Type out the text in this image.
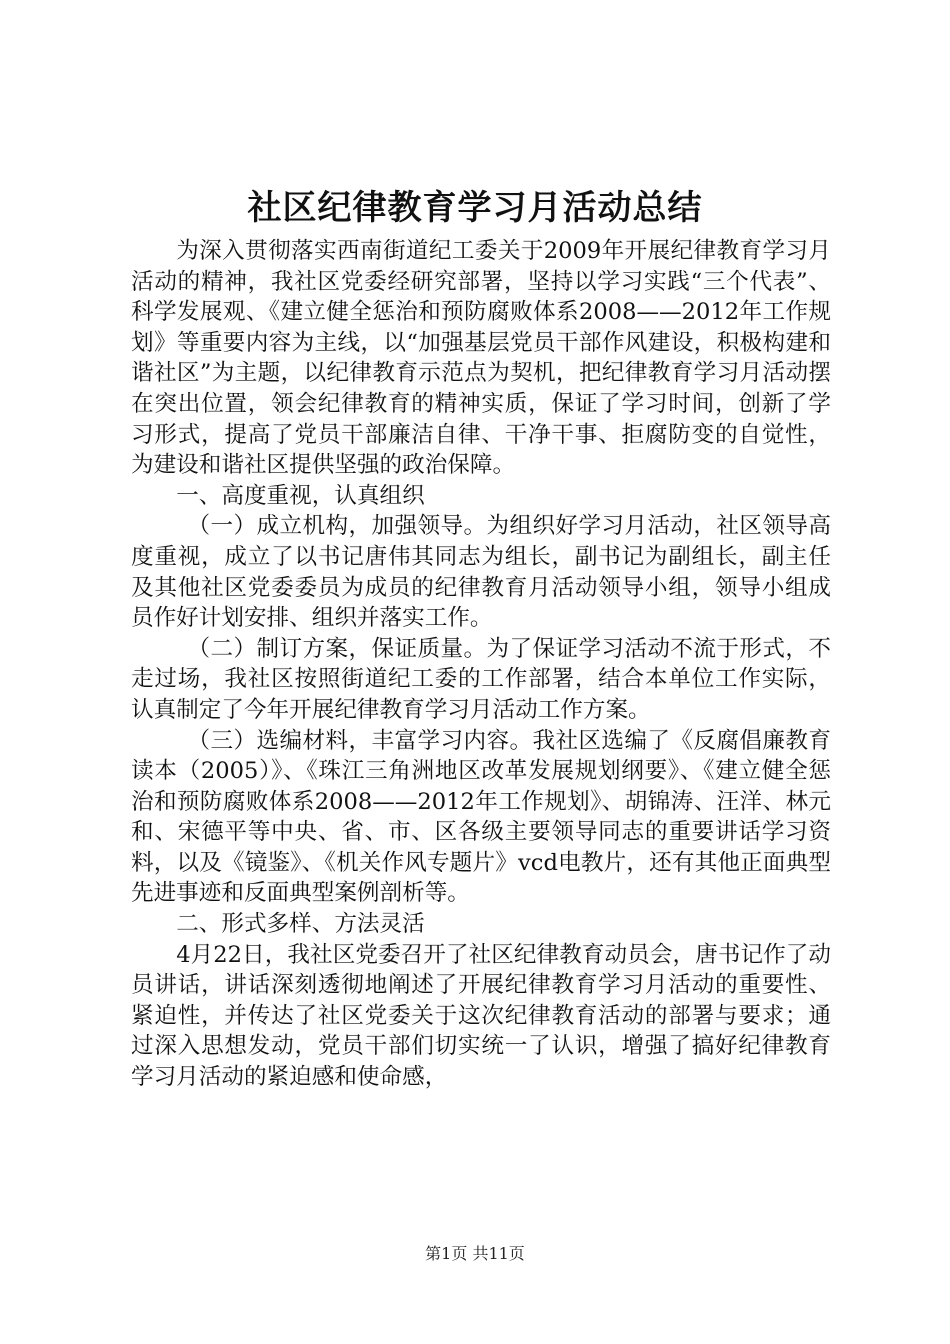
社区纪律教育学习月活动总结

为深入贯彻落实西南街道纪工委关于2009年开展纪律教育学习月活动的精神，我社区党委经研究部署，坚持以学习实践“三个代表”、科学发展观、《建立健全惩治和预防腐败体系2008——2012年工作规划》等重要内容为主线，以“加强基层党员干部作风建设，积极构建和谐社区”为主题，以纪律教育示范点为契机，把纪律教育学习月活动摆在突出位置，领会纪律教育的精神实质，保证了学习时间，创新了学习形式，提高了党员干部廉洁自律、干净干事、拒腐防变的自觉性，为建设和谐社区提供坚强的政治保障。

一、高度重视，认真组织

（一）成立机构，加强领导。为组织好学习月活动，社区领导高度重视，成立了以书记唐伟其同志为组长，副书记为副组长，副主任及其他社区党委委员为成员的纪律教育月活动领导小组，领导小组成员作好计划安排、组织并落实工作。

（二）制订方案，保证质量。为了保证学习活动不流于形式，不走过场，我社区按照街道纪工委的工作部署，结合本单位工作实际，认真制定了今年开展纪律教育学习月活动工作方案。

（三）选编材料，丰富学习内容。我社区选编了《反腐倡廉教育读本（2005）》、《珠江三角洲地区改革发展规划纲要》、《建立健全惩治和预防腐败体系2008——2012年工作规划》、胡锦涛、汪洋、林元和、宋德平等中央、省、市、区各级主要领导同志的重要讲话学习资料，以及《镜鉴》、《机关作风专题片》vcd电教片，还有其他正面典型先进事迹和反面典型案例剖析等。

二、形式多样、方法灵活

4月22日，我社区党委召开了社区纪律教育动员会，唐书记作了动员讲话，讲话深刻透彻地阐述了开展纪律教育学习月活动的重要性、紧迫性，并传达了社区党委关于这次纪律教育活动的部署与要求；通过深入思想发动，党员干部们切实统一了认识，增强了搞好纪律教育学习月活动的紧迫感和使命感，

第1页 共11页
